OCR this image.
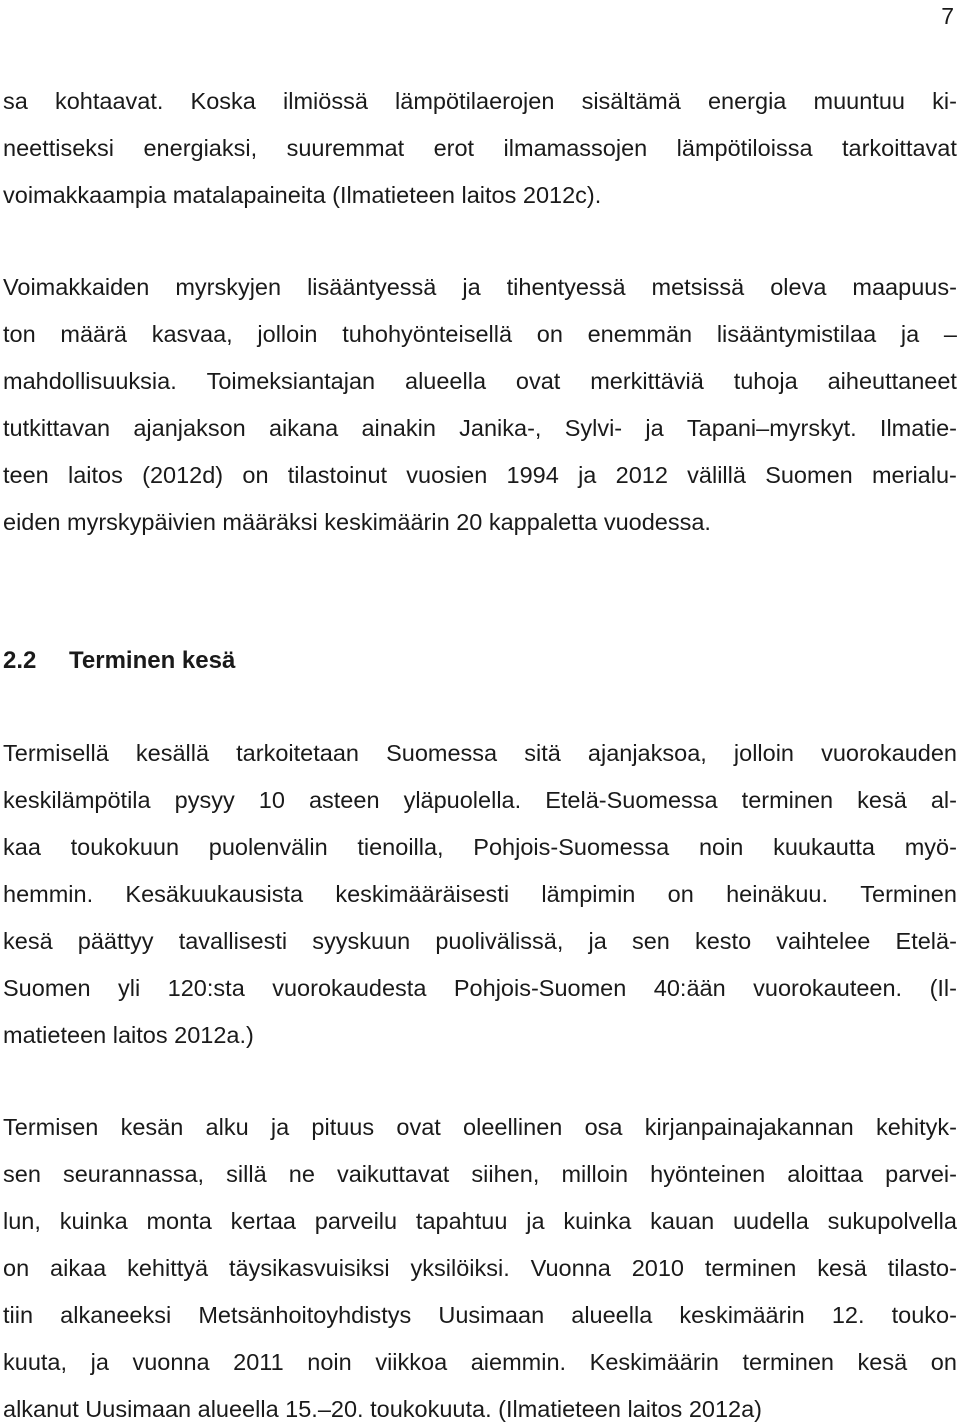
7
sa kohtaavat. Koska ilmiössä lämpötilaerojen sisältämä energia muuntuu ki-
neettiseksi energiaksi, suuremmat erot ilmamassojen lämpötiloissa tarkoittavat
voimakkaampia matalapaineita (Ilmatieteen laitos 2012c).
Voimakkaiden myrskyjen lisääntyessä ja tihentyessä metsissä oleva maapuus-
ton määrä kasvaa, jolloin tuhohyönteisellä on enemmän lisääntymistilaa ja –
mahdollisuuksia. Toimeksiantajan alueella ovat merkittäviä tuhoja aiheuttaneet
tutkittavan ajanjakson aikana ainakin Janika-, Sylvi- ja Tapani–myrskyt. Ilmatie-
teen laitos (2012d) on tilastoinut vuosien 1994 ja 2012 välillä Suomen merialu-
eiden myrskypäivien määräksi keskimäärin 20 kappaletta vuodessa.
2.2 Terminen kesä
Termisellä kesällä tarkoitetaan Suomessa sitä ajanjaksoa, jolloin vuorokauden
keskilämpötila pysyy 10 asteen yläpuolella. Etelä-Suomessa terminen kesä al-
kaa toukokuun puolenvälin tienoilla, Pohjois-Suomessa noin kuukautta myö-
hemmin. Kesäkuukausista keskimääräisesti lämpimin on heinäkuu. Terminen
kesä päättyy tavallisesti syyskuun puolivälissä, ja sen kesto vaihtelee Etelä-
Suomen yli 120:sta vuorokaudesta Pohjois-Suomen 40:ään vuorokauteen. (Il-
matieteen laitos 2012a.)
Termisen kesän alku ja pituus ovat oleellinen osa kirjanpainajakannan kehityk-
sen seurannassa, sillä ne vaikuttavat siihen, milloin hyönteinen aloittaa parvei-
lun, kuinka monta kertaa parveilu tapahtuu ja kuinka kauan uudella sukupolvella
on aikaa kehittyä täysikasvuisiksi yksilöiksi. Vuonna 2010 terminen kesä tilasto-
tiin alkaneeksi Metsänhoitoyhdistys Uusimaan alueella keskimäärin 12. touko-
kuuta, ja vuonna 2011 noin viikkoa aiemmin. Keskimäärin terminen kesä on
alkanut Uusimaan alueella 15.–20. toukokuuta. (Ilmatieteen laitos 2012a)
